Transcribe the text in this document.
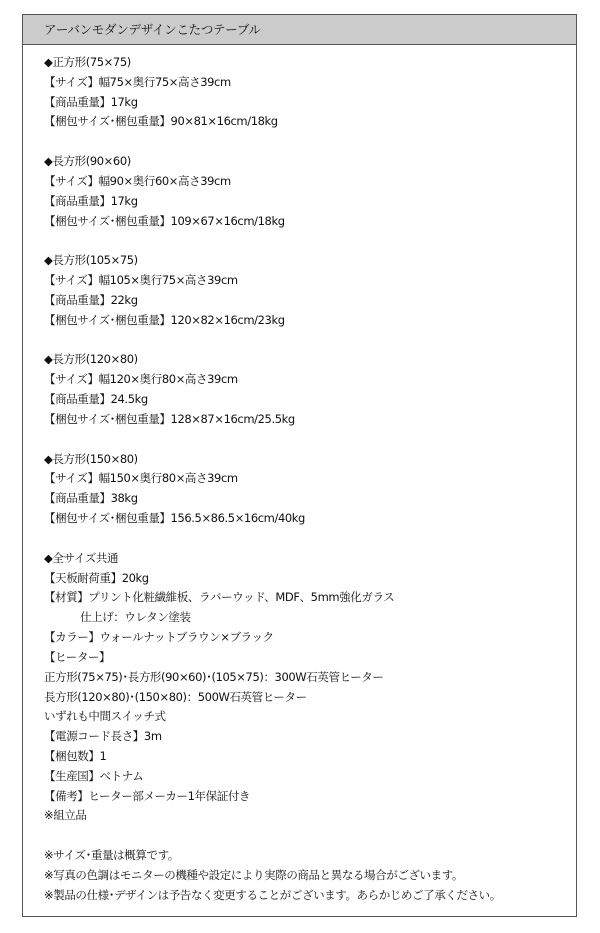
アーバンモダンデザインこたつテーブル
◆正方形(75×75)
【サイズ】幅75×奥行75×高さ39cm
【商品重量】17kg
【梱包サイズ･梱包重量】90×81×16cm/18kg
◆長方形(90×60)
【サイズ】幅90×奥行60×高さ39cm
【商品重量】17kg
【梱包サイズ･梱包重量】109×67×16cm/18kg
◆長方形(105×75)
【サイズ】幅105×奥行75×高さ39cm
【商品重量】22kg
【梱包サイズ･梱包重量】120×82×16cm/23kg
◆長方形(120×80)
【サイズ】幅120×奥行80×高さ39cm
【商品重量】24.5kg
【梱包サイズ･梱包重量】128×87×16cm/25.5kg
◆長方形(150×80)
【サイズ】幅150×奥行80×高さ39cm
【商品重量】38kg
【梱包サイズ･梱包重量】156.5×86.5×16cm/40kg
◆全サイズ共通
【天板耐荷重】20kg
【材質】プリント化粧繊維板、ラバーウッド、MDF、5mm強化ガラス
仕上げ：ウレタン塗装
【カラー】ウォールナットブラウン×ブラック
【ヒーター】
正方形(75×75)･長方形(90×60)･(105×75)：300W石英管ヒーター
長方形(120×80)･(150×80)：500W石英管ヒーター
いずれも中間スイッチ式
【電源コード長さ】3m
【梱包数】1
【生産国】ベトナム
【備考】ヒーター部メーカー1年保証付き
※組立品
※サイズ･重量は概算です。
※写真の色調はモニターの機種や設定により実際の商品と異なる場合がございます。
※製品の仕様･デザインは予告なく変更することがございます。あらかじめご了承ください。
